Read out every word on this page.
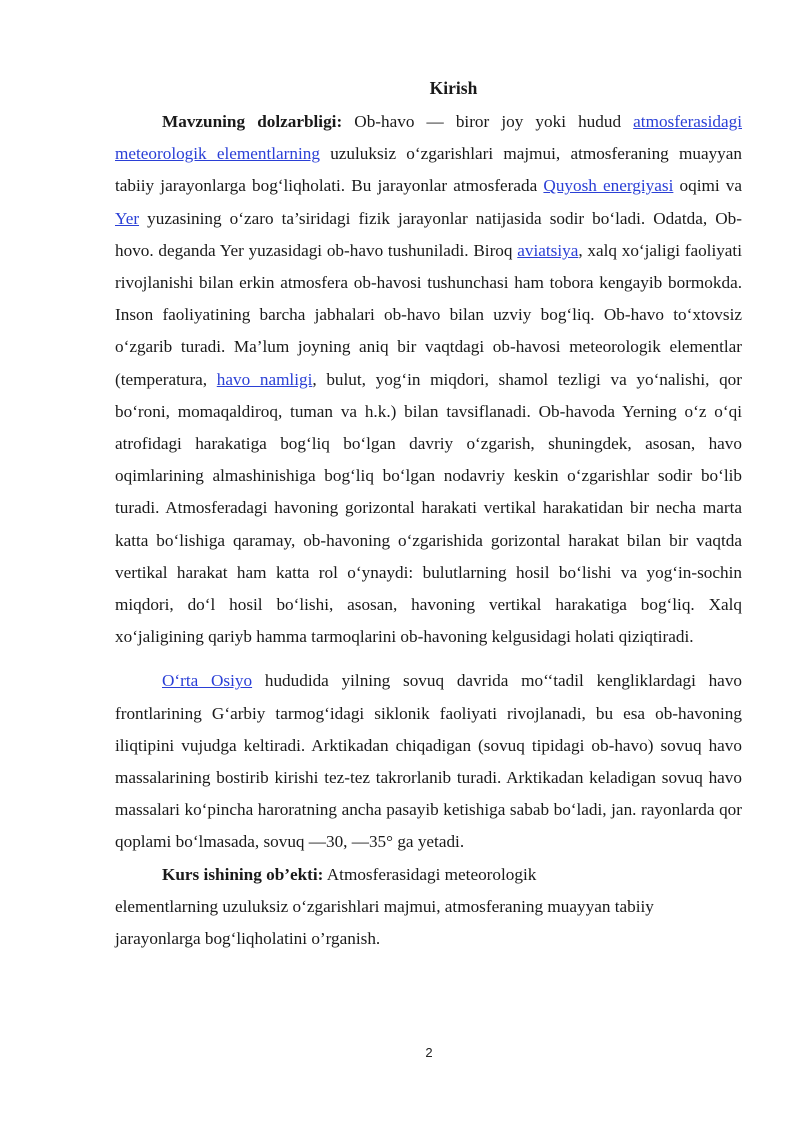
Kirish

Mavzuning dolzarbligi: Ob-havo — biror joy yoki hudud atmosferasidagi meteorologik elementlarning uzuluksiz o‘zgarishlari majmui, atmosferaning muayyan tabiiy jarayonlarga bog‘liqholati. Bu jarayonlar atmosferada Quyosh energiyasi oqimi va Yer yuzasining o‘zaro ta’siridagi fizik jarayonlar natijasida sodir bo‘ladi. Odatda, Ob-hovo. deganda Yer yuzasidagi ob-havo tushuniladi. Biroq aviatsiya, xalq xo‘jaligi faoliyati rivojlanishi bilan erkin atmosfera ob-havosi tushunchasi ham tobora kengayib bormokda. Inson faoliyatining barcha jabhalari ob-havo bilan uzviy bog‘liq. Ob-havo to‘xtovsiz o‘zgarib turadi. Ma’lum joyning aniq bir vaqtdagi ob-havosi meteorologik elementlar (temperatura, havo namligi, bulut, yog‘in miqdori, shamol tezligi va yo‘nalishi, qor bo‘roni, momaqaldiroq, tuman va h.k.) bilan tavsiflanadi. Ob-havoda Yerning o‘z o‘qi atrofidagi harakatiga bog‘liq bo‘lgan davriy o‘zgarish, shuningdek, asosan, havo oqimlarining almashinishiga bog‘liq bo‘lgan nodavriy keskin o‘zgarishlar sodir bo‘lib turadi. Atmosferadagi havoning gorizontal harakati vertikal harakatidan bir necha marta katta bo‘lishiga qaramay, ob-havoning o‘zgarishida gorizontal harakat bilan bir vaqtda vertikal harakat ham katta rol o‘ynaydi: bulutlarning hosil bo‘lishi va yog‘in-sochin miqdori, do‘l hosil bo‘lishi, asosan, havoning vertikal harakatiga bog‘liq. Xalq xo‘jaligining qariyb hamma tarmoqlarini ob-havoning kelgusidagi holati qiziqtiradi.

O‘rta Osiyo hududida yilning sovuq davrida mo‘‘tadil kengliklardagi havo frontlarining G‘arbiy tarmog‘idagi siklonik faoliyati rivojlanadi, bu esa ob-havoning iliqtipini vujudga keltiradi. Arktikadan chiqadigan (sovuq tipidagi ob-havo) sovuq havo massalarining bostirib kirishi tez-tez takrorlanib turadi. Arktikadan keladigan sovuq havo massalari ko‘pincha haroratning ancha pasayib ketishiga sabab bo‘ladi, jan. rayonlarda qor qoplami bo‘lmasada, sovuq —30, —35° ga yetadi.

Kurs ishining ob’ekti: Atmosferasidagi meteorologik

elementlarning uzuluksiz o‘zgarishlari majmui, atmosferaning muayyan tabiiy

jarayonlarga bog‘liqholatini o’rganish.

2
